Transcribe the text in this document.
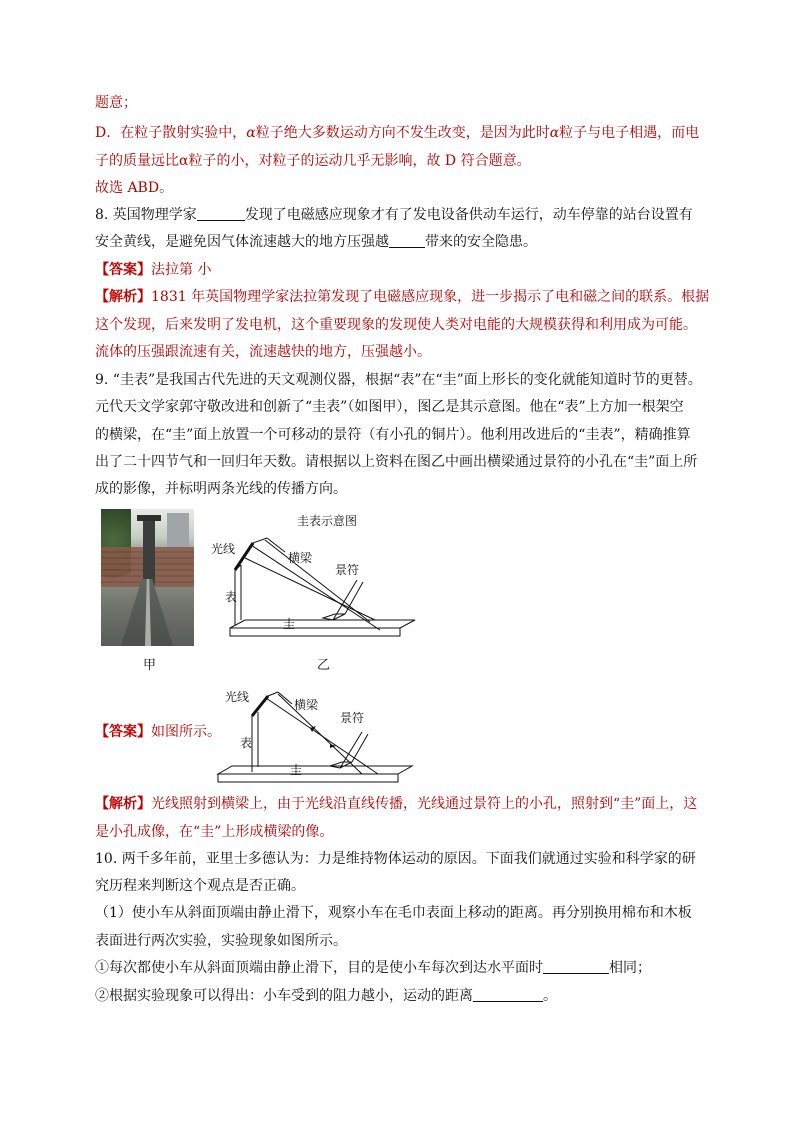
题意；
D．在粒子散射实验中，α粒子绝大多数运动方向不发生改变，是因为此时α粒子与电子相遇，而电
子的质量远比α粒子的小，对粒子的运动几乎无影响，故 D 符合题意。
故选 ABD。
8. 英国物理学家	发现了电磁感应现象才有了发电设备供动车运行，动车停靠的站台设置有
安全黄线，是避免因气体流速越大的地方压强越	带来的安全隐患。
【答案】法拉第 小
【解析】1831 年英国物理学家法拉第发现了电磁感应现象，进一步揭示了电和磁之间的联系。根据
这个发现，后来发明了发电机，这个重要现象的发现使人类对电能的大规模获得和利用成为可能。
流体的压强跟流速有关，流速越快的地方，压强越小。
9. “圭表”是我国古代先进的天文观测仪器，根据“表”在“圭”面上形长的变化就能知道时节的更替。
元代天文学家郭守敬改进和创新了“圭表”（如图甲），图乙是其示意图。他在“表”上方加一根架空
的横梁，在“圭”面上放置一个可移动的景符（有小孔的铜片）。他利用改进后的“圭表”，精确推算
出了二十四节气和一回归年天数。请根据以上资料在图乙中画出横梁通过景符的小孔在“圭”面上所
成的影像，并标明两条光线的传播方向。
甲
圭表示意图
光线
横梁
景符
表
圭
乙
【答案】如图所示。
光线
横梁
景符
表
圭
【解析】光线照射到横梁上，由于光线沿直线传播，光线通过景符上的小孔，照射到“圭”面上，这
是小孔成像，在“圭”上形成横梁的像。
10. 两千多年前，亚里士多德认为：力是维持物体运动的原因。下面我们就通过实验和科学家的研
究历程来判断这个观点是否正确。
（1）使小车从斜面顶端由静止滑下，观察小车在毛巾表面上移动的距离。再分别换用棉布和木板
表面进行两次实验，实验现象如图所示。
①每次都使小车从斜面顶端由静止滑下，目的是使小车每次到达水平面时	相同；
②根据实验现象可以得出：小车受到的阻力越小，运动的距离	。
